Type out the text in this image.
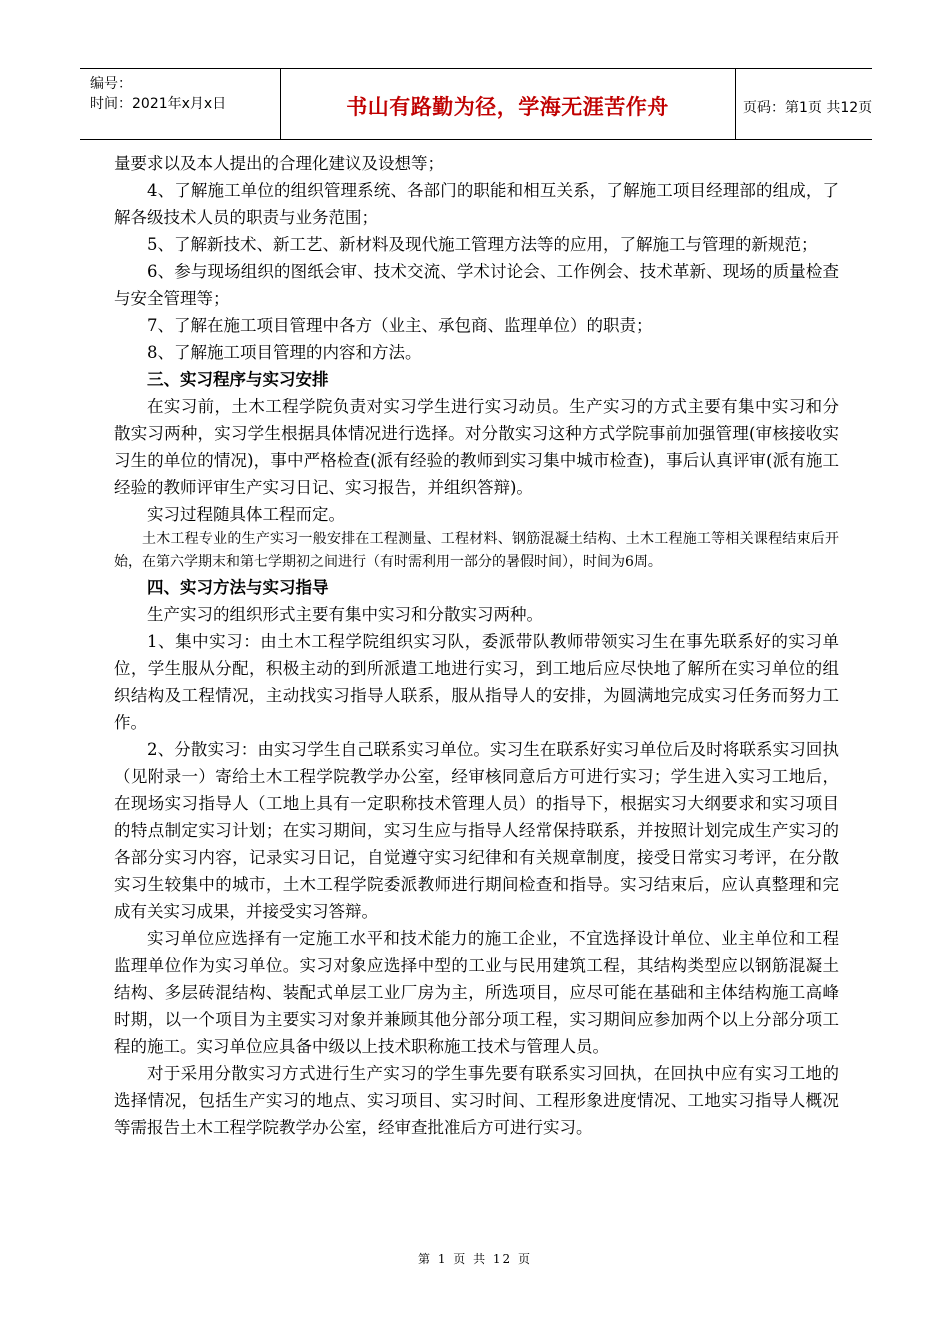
编号：
时间：2021年x月x日	书山有路勤为径，学海无涯苦作舟	页码：第1页 共12页

量要求以及本人提出的合理化建议及设想等；

4、了解施工单位的组织管理系统、各部门的职能和相互关系，了解施工项目经理部的组成，了解各级技术人员的职责与业务范围；

5、了解新技术、新工艺、新材料及现代施工管理方法等的应用，了解施工与管理的新规范；

6、参与现场组织的图纸会审、技术交流、学术讨论会、工作例会、技术革新、现场的质量检查与安全管理等；

7、了解在施工项目管理中各方（业主、承包商、监理单位）的职责；

8、了解施工项目管理的内容和方法。

三、实习程序与实习安排

在实习前，土木工程学院负责对实习学生进行实习动员。生产实习的方式主要有集中实习和分散实习两种，实习学生根据具体情况进行选择。对分散实习这种方式学院事前加强管理(审核接收实习生的单位的情况)，事中严格检查(派有经验的教师到实习集中城市检查)，事后认真评审(派有施工经验的教师评审生产实习日记、实习报告，并组织答辩)。

实习过程随具体工程而定。

土木工程专业的生产实习一般安排在工程测量、工程材料、钢筋混凝土结构、土木工程施工等相关课程结束后开始，在第六学期末和第七学期初之间进行（有时需利用一部分的暑假时间），时间为6周。

四、实习方法与实习指导

生产实习的组织形式主要有集中实习和分散实习两种。

1、集中实习：由土木工程学院组织实习队，委派带队教师带领实习生在事先联系好的实习单位，学生服从分配，积极主动的到所派遣工地进行实习，到工地后应尽快地了解所在实习单位的组织结构及工程情况，主动找实习指导人联系，服从指导人的安排，为圆满地完成实习任务而努力工作。

2、分散实习：由实习学生自己联系实习单位。实习生在联系好实习单位后及时将联系实习回执（见附录一）寄给土木工程学院教学办公室，经审核同意后方可进行实习；学生进入实习工地后，在现场实习指导人（工地上具有一定职称技术管理人员）的指导下，根据实习大纲要求和实习项目的特点制定实习计划；在实习期间，实习生应与指导人经常保持联系，并按照计划完成生产实习的各部分实习内容，记录实习日记，自觉遵守实习纪律和有关规章制度，接受日常实习考评，在分散实习生较集中的城市，土木工程学院委派教师进行期间检查和指导。实习结束后，应认真整理和完成有关实习成果，并接受实习答辩。

实习单位应选择有一定施工水平和技术能力的施工企业，不宜选择设计单位、业主单位和工程监理单位作为实习单位。实习对象应选择中型的工业与民用建筑工程，其结构类型应以钢筋混凝土结构、多层砖混结构、装配式单层工业厂房为主，所选项目，应尽可能在基础和主体结构施工高峰时期，以一个项目为主要实习对象并兼顾其他分部分项工程，实习期间应参加两个以上分部分项工程的施工。实习单位应具备中级以上技术职称施工技术与管理人员。

对于采用分散实习方式进行生产实习的学生事先要有联系实习回执，在回执中应有实习工地的选择情况，包括生产实习的地点、实习项目、实习时间、工程形象进度情况、工地实习指导人概况等需报告土木工程学院教学办公室，经审查批准后方可进行实习。

第 1 页 共 12 页
